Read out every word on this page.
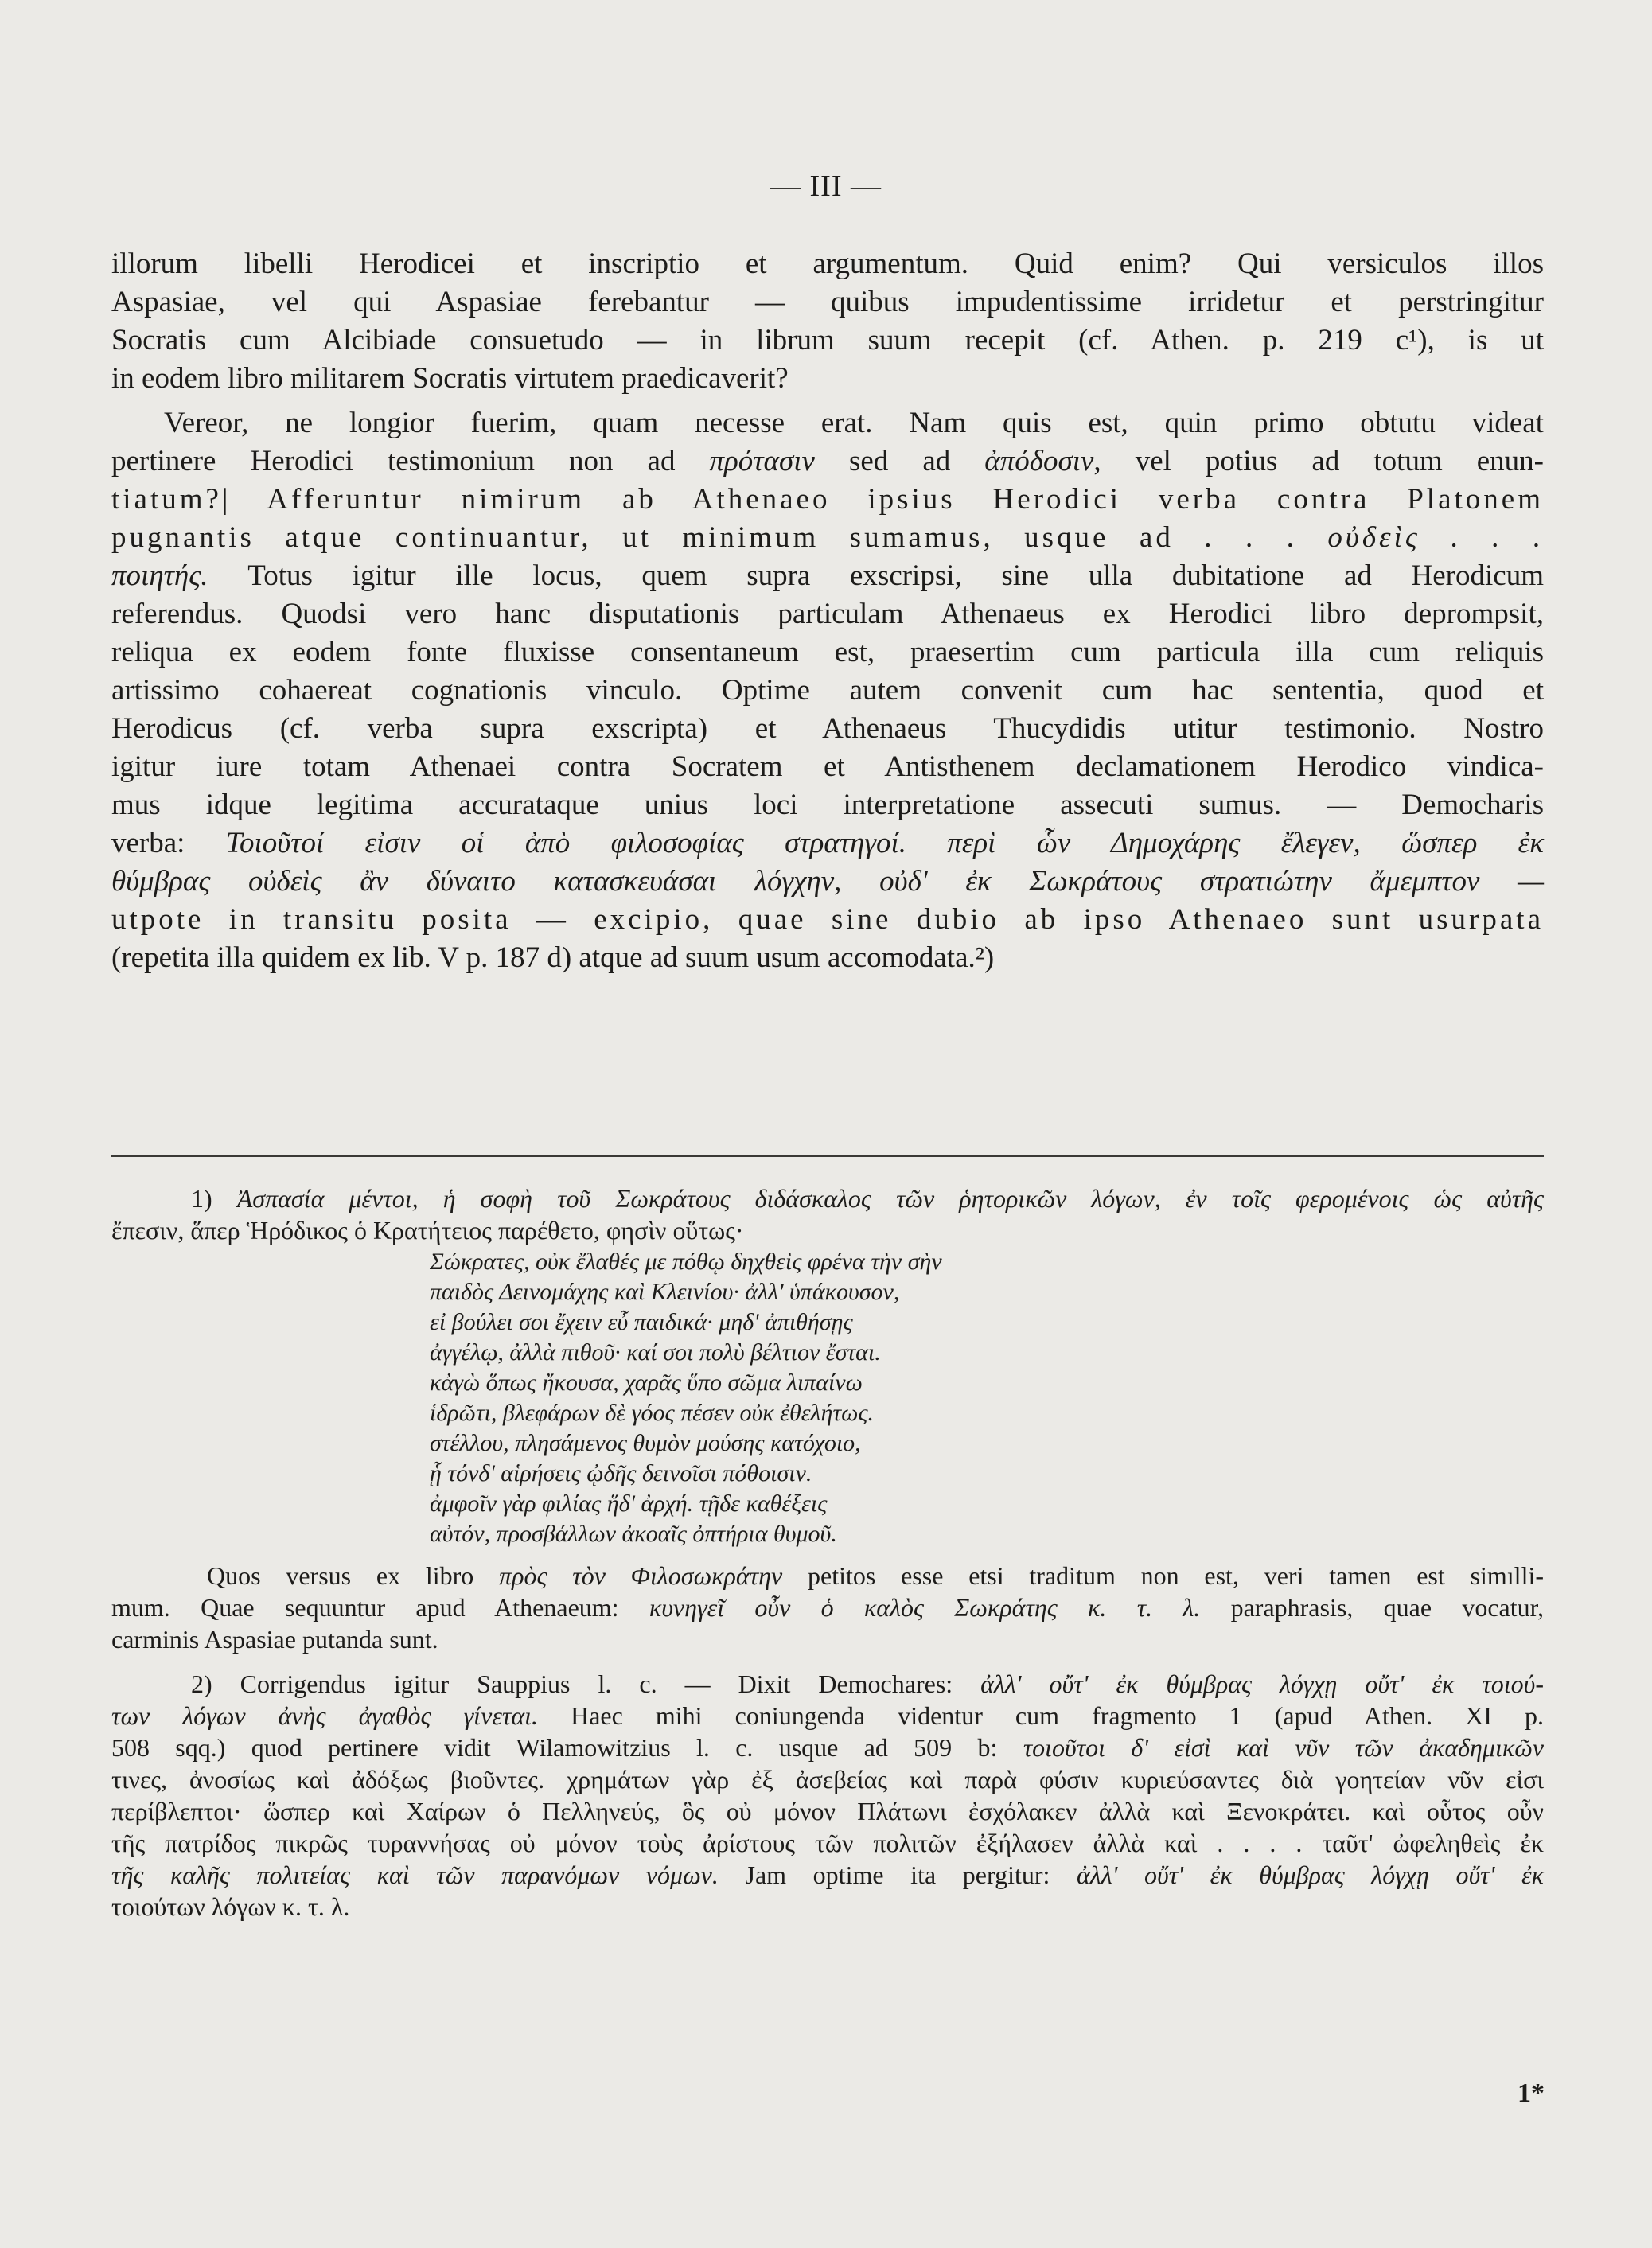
— III —
illorum libelli Herodicei et inscriptio et argumentum. Quid enim? Qui versiculos illos
Aspasiae, vel qui Aspasiae ferebantur — quibus impudentissime irridetur et perstringitur
Socratis cum Alcibiade consuetudo — in librum suum recepit (cf. Athen. p. 219 c¹), is ut
in eodem libro militarem Socratis virtutem praedicaverit?
Vereor, ne longior fuerim, quam necesse erat. Nam quis est, quin primo obtutu videat
pertinere Herodici testimonium non ad πρότασιν sed ad ἀπόδοσιν, vel potius ad totum enun-
tiatum?| Afferuntur nimirum ab Athenaeo ipsius Herodici verba contra Platonem
pugnantis atque continuantur, ut minimum sumamus, usque ad . . . οὐδεὶς . . .
ποιητής. Totus igitur ille locus, quem supra exscripsi, sine ulla dubitatione ad Herodicum
referendus. Quodsi vero hanc disputationis particulam Athenaeus ex Herodici libro deprompsit,
reliqua ex eodem fonte fluxisse consentaneum est, praesertim cum particula illa cum reliquis
artissimo cohaereat cognationis vinculo. Optime autem convenit cum hac sententia, quod et
Herodicus (cf. verba supra exscripta) et Athenaeus Thucydidis utitur testimonio. Nostro
igitur iure totam Athenaei contra Socratem et Antisthenem declamationem Herodico vindica-
mus idque legitima accurataque unius loci interpretatione assecuti sumus. — Democharis
verba: Τοιοῦτοί εἰσιν οἱ ἀπὸ φιλοσοφίας στρατηγοί. περὶ ὧν Δημοχάρης ἔλεγεν, ὥσπερ ἐκ
θύμβρας οὐδεὶς ἂν δύναιτο κατασκευάσαι λόγχην, οὐδ' ἐκ Σωκράτους στρατιώτην ἄμεμπτον —
utpote in transitu posita — excipio, quae sine dubio ab ipso Athenaeo sunt usurpata
(repetita illa quidem ex lib. V p. 187 d) atque ad suum usum accomodata.²)
1) Ἀσπασία μέντοι, ἡ σοφὴ τοῦ Σωκράτους διδάσκαλος τῶν ῥητορικῶν λόγων, ἐν τοῖς φερομένοις ὡς αὐτῆς
ἔπεσιν, ἅπερ Ἡρόδικος ὁ Κρατήτειος παρέθετο, φησὶν οὕτως·
Σώκρατες, οὐκ ἔλαθές με πόθῳ δηχθεὶς φρένα τὴν σὴν
παιδὸς Δεινομάχης καὶ Κλεινίου· ἀλλ' ὑπάκουσον,
εἰ βούλει σοι ἔχειν εὖ παιδικά· μηδ' ἀπιθήσῃς
ἀγγέλῳ, ἀλλὰ πιθοῦ· καί σοι πολὺ βέλτιον ἔσται.
κἀγὼ ὅπως ἤκουσα, χαρᾶς ὕπο σῶμα λιπαίνω
ἱδρῶτι, βλεφάρων δὲ γόος πέσεν οὐκ ἐθελήτως.
στέλλου, πλησάμενος θυμὸν μούσης κατόχοιο,
ᾗ τόνδ' αἱρήσεις ᾠδῆς δεινοῖσι πόθοισιν.
ἀμφοῖν γὰρ φιλίας ἥδ' ἀρχή. τῇδε καθέξεις
αὐτόν, προσβάλλων ἀκοαῖς ὀπτήρια θυμοῦ.
Quos versus ex libro πρὸς τὸν Φιλοσωκράτην petitos esse etsi traditum non est, veri tamen est simılli-
mum. Quae sequuntur apud Athenaeum: κυνηγεῖ οὖν ὁ καλὸς Σωκράτης κ. τ. λ. paraphrasis, quae vocatur,
carminis Aspasiae putanda sunt.
2) Corrigendus igitur Sauppius l. c. — Dixit Demochares: ἀλλ' οὔτ' ἐκ θύμβρας λόγχῃ οὔτ' ἐκ τοιού-
των λόγων ἀνὴς ἀγαθὸς γίνεται. Haec mihi coniungenda videntur cum fragmento 1 (apud Athen. XI p.
508 sqq.) quod pertinere vidit Wilamowitzius l. c. usque ad 509 b: τοιοῦτοι δ' εἰσὶ καὶ νῦν τῶν ἀκαδημικῶν
τινες, ἀνοσίως καὶ ἀδόξως βιοῦντες. χρημάτων γὰρ ἐξ ἀσεβείας καὶ παρὰ φύσιν κυριεύσαντες διὰ γοητείαν νῦν εἰσι
περίβλεπτοι· ὥσπερ καὶ Χαίρων ὁ Πελληνεύς, ὃς οὐ μόνον Πλάτωνι ἐσχόλακεν ἀλλὰ καὶ Ξενοκράτει. καὶ οὗτος οὖν
τῆς πατρίδος πικρῶς τυραννήσας οὐ μόνον τοὺς ἀρίστους τῶν πολιτῶν ἐξήλασεν ἀλλὰ καὶ . . . . ταῦτ' ὠφεληθεὶς ἐκ
τῆς καλῆς πολιτείας καὶ τῶν παρανόμων νόμων. Jam optime ita pergitur: ἀλλ' οὔτ' ἐκ θύμβρας λόγχῃ οὔτ' ἐκ
τοιούτων λόγων κ. τ. λ.
1*
